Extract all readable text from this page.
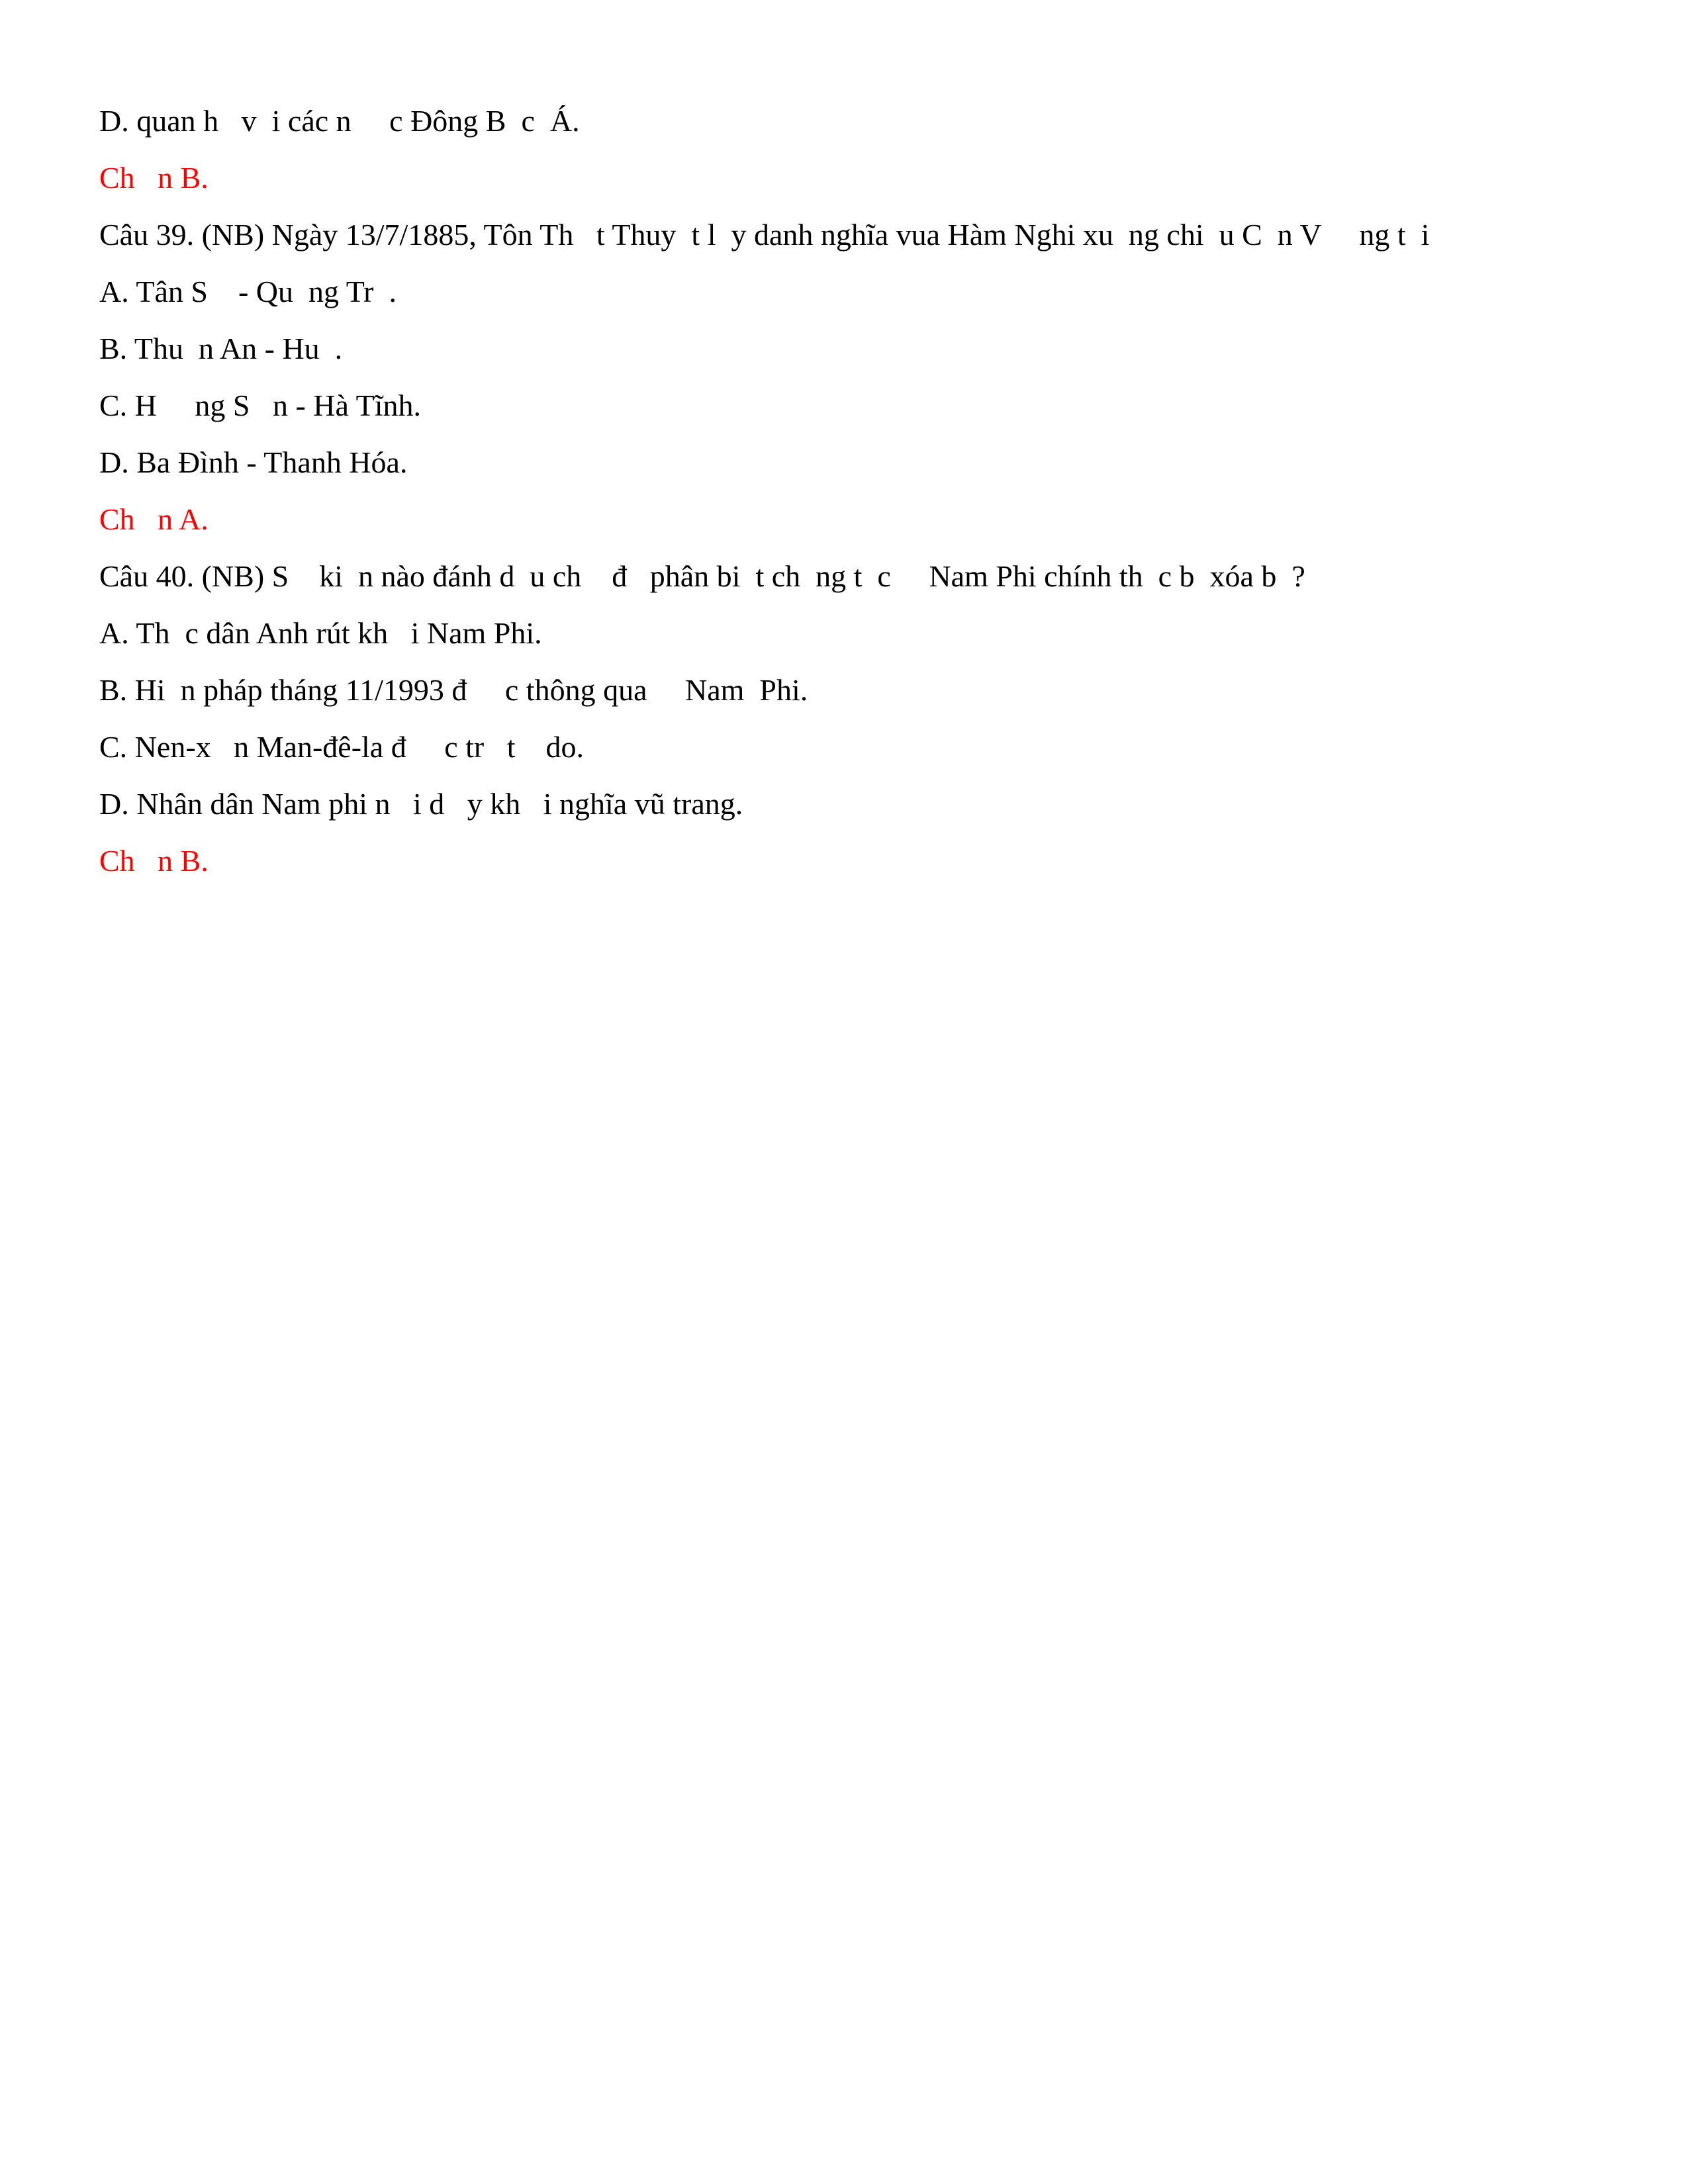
D. quan h   v  i các n     c Đông B  c  Á.
Ch   n B.
Câu 39. (NB) Ngày 13/7/1885, Tôn Th   t Thuy  t l  y danh nghĩa vua Hàm Nghi xu  ng chi  u C  n V     ng t  i
A. Tân S    - Qu  ng Tr  .
B. Thu  n An - Hu  .
C. H     ng S   n - Hà Tĩnh.
D. Ba Đình - Thanh Hóa.
Ch   n A.
Câu 40. (NB) S    ki  n nào đánh d  u ch    đ   phân bi  t ch  ng t  c     Nam Phi chính th  c b  xóa b  ?
A. Th  c dân Anh rút kh   i Nam Phi.
B. Hi  n pháp tháng 11/1993 đ     c thông qua     Nam  Phi.
C. Nen-x   n Man-đê-la đ     c tr   t    do.
D. Nhân dân Nam phi n   i d   y kh   i nghĩa vũ trang.
Ch   n B.
